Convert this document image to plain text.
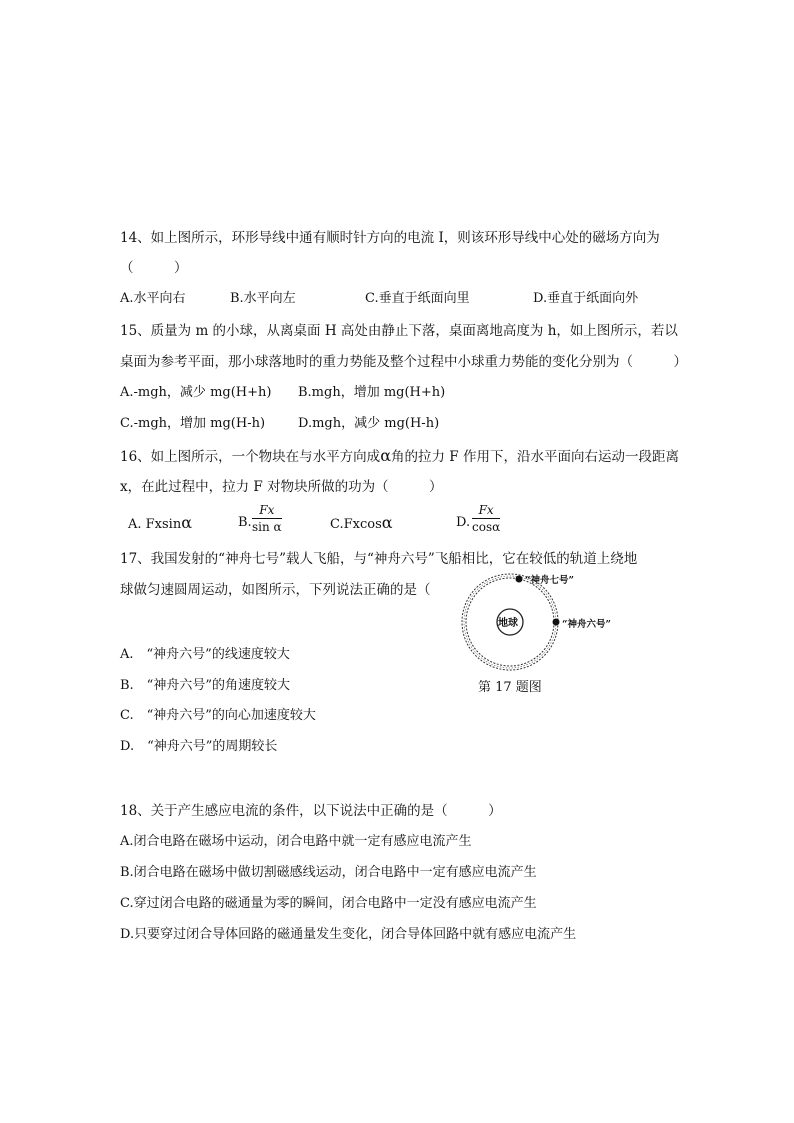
14、如上图所示，环形导线中通有顺时针方向的电流 I，则该环形导线中心处的磁场方向为
（　　　）
A.水平向右	B.水平向左	C.垂直于纸面向里	D.垂直于纸面向外
15、质量为 m 的小球，从离桌面 H 高处由静止下落，桌面离地高度为 h，如上图所示，若以
桌面为参考平面，那小球落地时的重力势能及整个过程中小球重力势能的变化分别为（　　　）
A.-mgh，减少 mg(H+h) B.mgh，增加 mg(H+h)
C.-mgh，增加 mg(H-h)	D.mgh，减少 mg(H-h)
16、如上图所示，一个物块在与水平方向成α角的拉力 F 作用下，沿水平面向右运动一段距离
x，在此过程中，拉力 F 对物块所做的功为（　　　）
A. Fxsinα	B. $\frac{Fx}{\text{sin α}}$	C.Fxcosα	D. $\frac{Fx}{\cos\alpha}$
17、我国发射的“神舟七号”载人飞船，与“神舟六号”飞船相比，它在较低的轨道上绕地
球做匀速圆周运动，如图所示，下列说法正确的是（
地球
“神舟七号”
“神舟六号”
第 17 题图
A.　“神舟六号”的线速度较大
B.　“神舟六号”的角速度较大
C.　“神舟六号”的向心加速度较大
D.　“神舟六号”的周期较长
18、关于产生感应电流的条件，以下说法中正确的是（　　　）
A.闭合电路在磁场中运动，闭合电路中就一定有感应电流产生
B.闭合电路在磁场中做切割磁感线运动，闭合电路中一定有感应电流产生
C.穿过闭合电路的磁通量为零的瞬间，闭合电路中一定没有感应电流产生
D.只要穿过闭合导体回路的磁通量发生变化，闭合导体回路中就有感应电流产生
